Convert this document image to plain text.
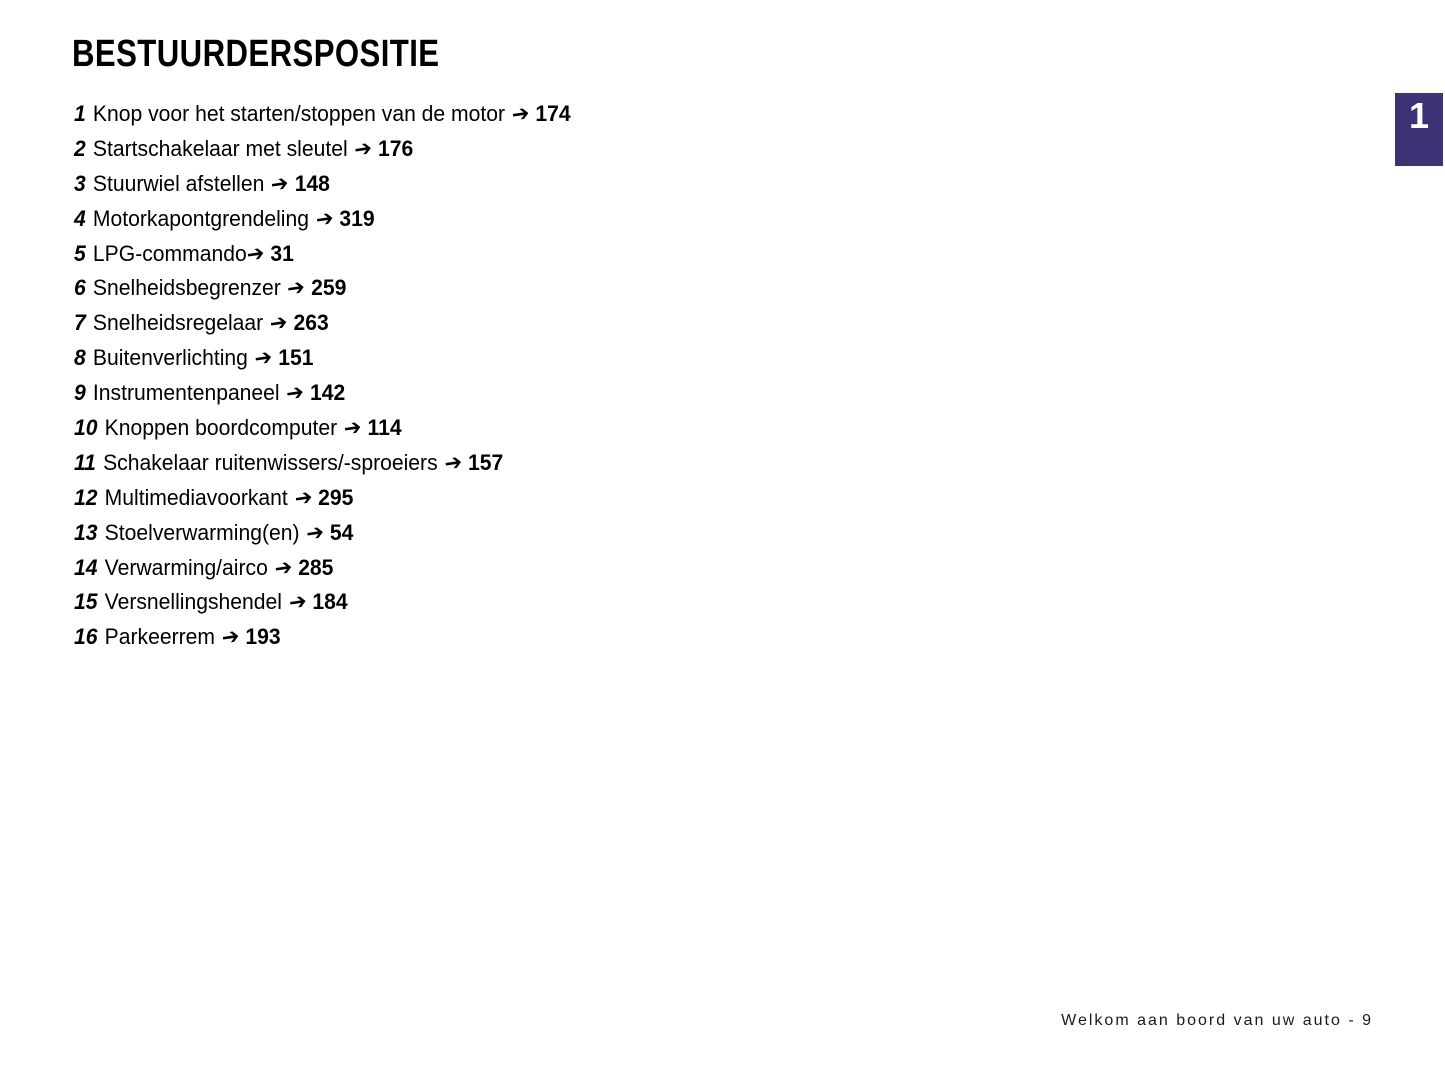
BESTUURDERSPOSITIE
1 Knop voor het starten/stoppen van de motor ➔ 174
2 Startschakelaar met sleutel ➔ 176
3 Stuurwiel afstellen ➔ 148
4 Motorkapontgrendeling ➔ 319
5 LPG-commando➔ 31
6 Snelheidsbegrenzer ➔ 259
7 Snelheidsregelaar ➔ 263
8 Buitenverlichting ➔ 151
9 Instrumentenpaneel ➔ 142
10 Knoppen boordcomputer ➔ 114
11 Schakelaar ruitenwissers/-sproeiers ➔ 157
12 Multimediavoorkant ➔ 295
13 Stoelverwarming(en) ➔ 54
14 Verwarming/airco ➔ 285
15 Versnellingshendel ➔ 184
16 Parkeerrem ➔ 193
1
Welkom aan boord van uw auto - 9
